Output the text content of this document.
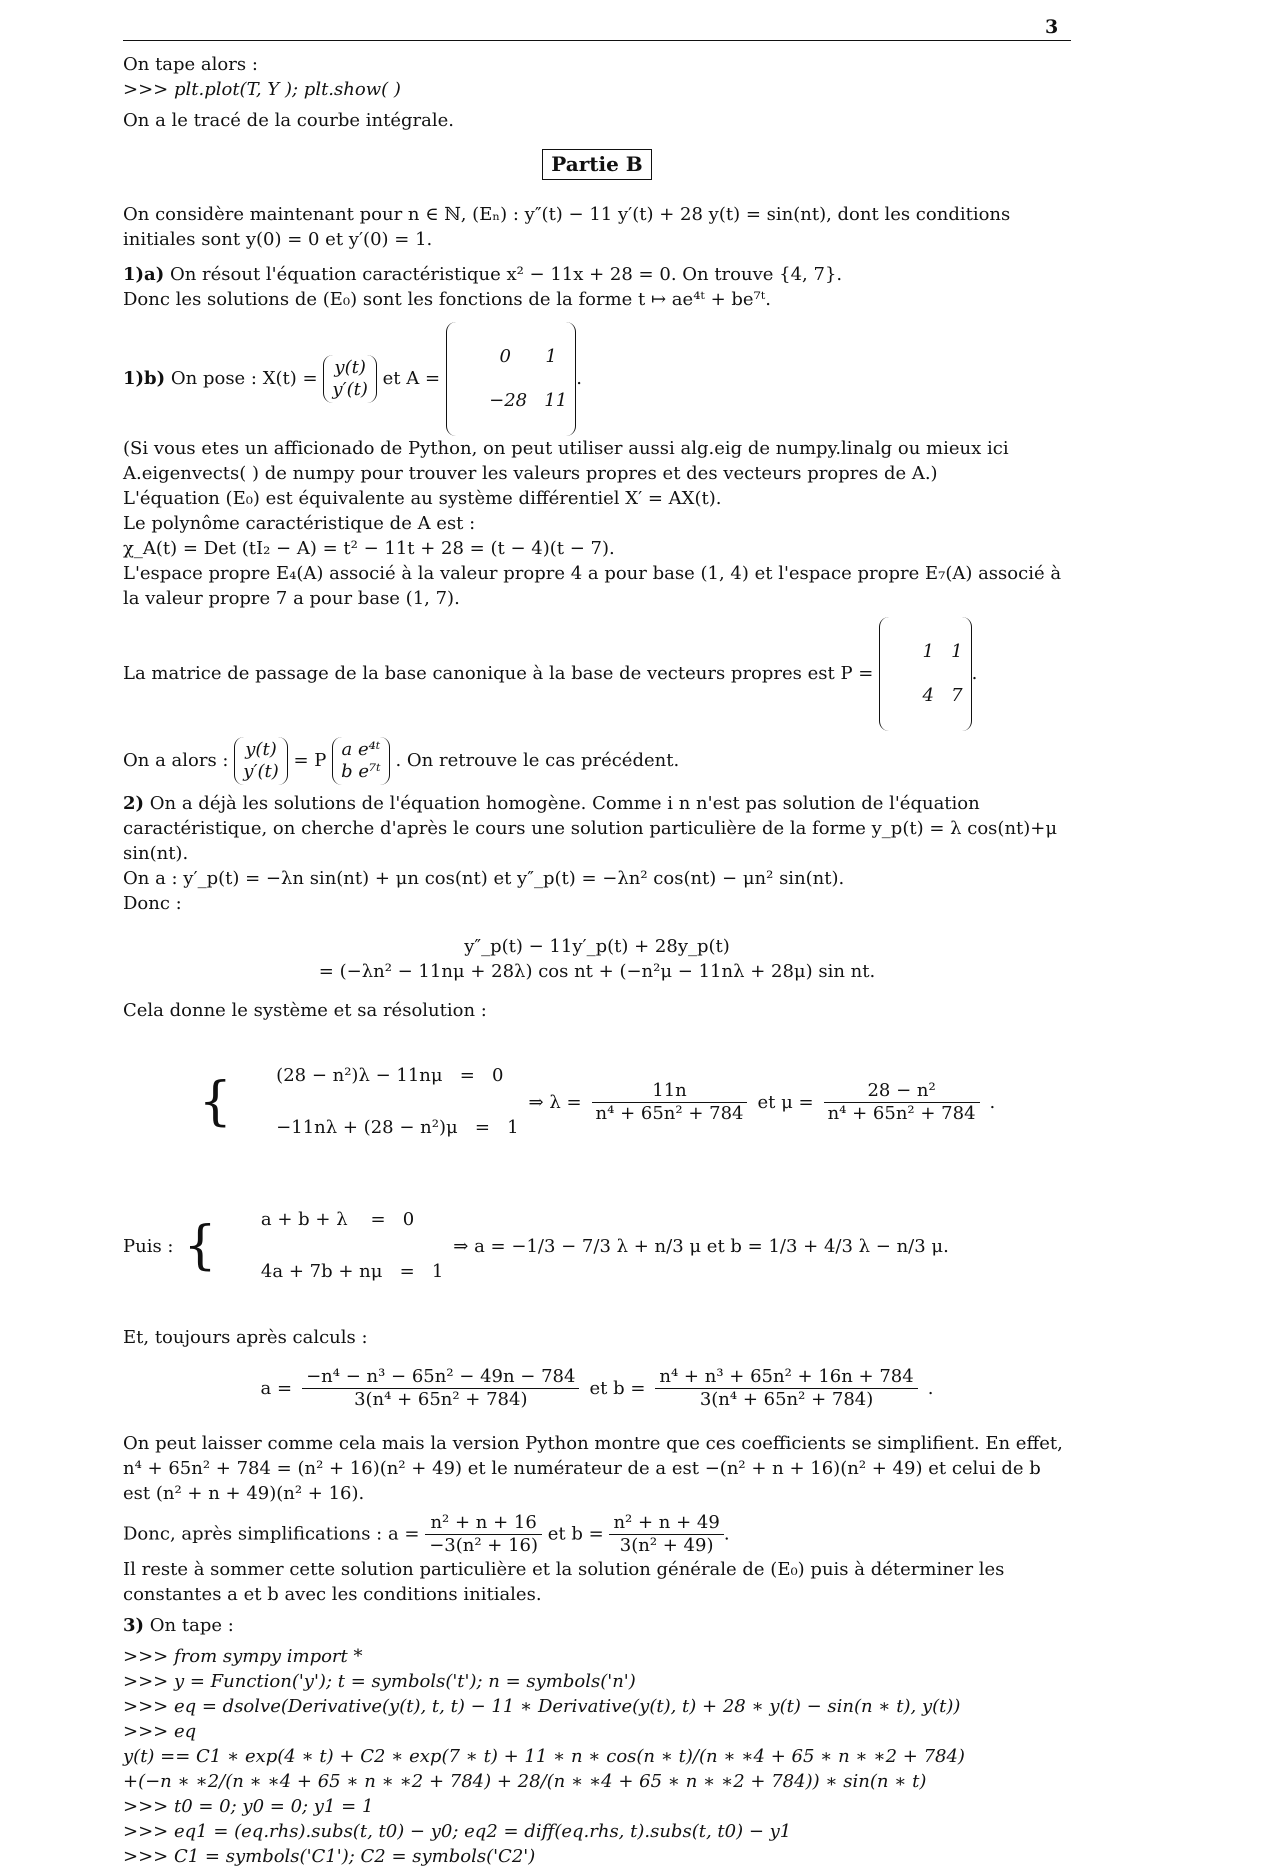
3

On tape alors :

>>> plt.plot(T, Y ); plt.show( )

On a le tracé de la courbe intégrale.

Partie B

On considère maintenant pour n ∈ ℕ, (Eₙ) : y″(t) − 11 y′(t) + 28 y(t) = sin(nt), dont les conditions initiales sont y(0) = 0 et y′(0) = 1.

1)a) On résout l'équation caractéristique x² − 11x + 28 = 0. On trouve {4, 7}.

Donc les solutions de (E₀) sont les fonctions de la forme t ↦ ae⁴ᵗ + be⁷ᵗ.

1)b) On pose : X(t) = y(t)
y′(t) et A =
0      1

−28   11
.

(Si vous etes un afficionado de Python, on peut utiliser aussi alg.eig de numpy.linalg ou mieux ici A.eigenvects( ) de numpy pour trouver les valeurs propres et des vecteurs propres de A.)

L'équation (E₀) est équivalente au système différentiel X′ = AX(t).

Le polynôme caractéristique de A est :

χ_A(t) = Det (tI₂ − A) = t² − 11t + 28 = (t − 4)(t − 7).

L'espace propre E₄(A) associé à la valeur propre 4 a pour base (1, 4) et l'espace propre E₇(A) associé à la valeur propre 7 a pour base (1, 7).

La matrice de passage de la base canonique à la base de vecteurs propres est P =
1   1

4   7
.

On a alors : y(t)
y′(t) = P a e⁴ᵗ
b e⁷ᵗ . On retrouve le cas précédent.

2) On a déjà les solutions de l'équation homogène. Comme i n n'est pas solution de l'équation caractéristique, on cherche d'après le cours une solution particulière de la forme y_p(t) = λ cos(nt)+μ sin(nt).

On a : y′_p(t) = −λn sin(nt) + μn cos(nt) et y″_p(t) = −λn² cos(nt) − μn² sin(nt).

Donc :

y″_p(t) − 11y′_p(t) + 28y_p(t)
= (−λn² − 11nμ + 28λ) cos nt + (−n²μ − 11nλ + 28μ) sin nt.

Cela donne le système et sa résolution :

{	(28 − n²)λ − 11nμ   =   0

−11nλ + (28 − n²)μ   =   1

⇒ $\lambda = \frac{11n}{\text{n⁴ + 65n² + 784}}$ et $\mu = \frac{\text{28 − n²}}{\text{n⁴ + 65n² + 784}}$ .
Puis : {	a + b + λ    =   0

4a + 7b + nμ   =   1

⇒ a = −1/3 − 7/3 λ + n/3 μ et b = 1/3 + 4/3 λ − n/3 μ.

Et, toujours après calculs :

$a = \frac{\text{−n⁴ − n³ − 65n² − 49n − 784}}{\text{3(n⁴ + 65n² + 784)}}$ et $b = \frac{\text{n⁴ + n³ + 65n² + 16n + 784}}{\text{3(n⁴ + 65n² + 784)}}$ .

On peut laisser comme cela mais la version Python montre que ces coefficients se simplifient. En effet, n⁴ + 65n² + 784 = (n² + 16)(n² + 49) et le numérateur de a est −(n² + n + 16)(n² + 49) et celui de b est (n² + n + 49)(n² + 16).

Donc, après simplifications : $a = \frac{\text{n² + n + 16}}{\text{−3(n² + 16)}}$ et $b = \frac{\text{n² + n + 49}}{\text{3(n² + 49)}}$ .

Il reste à sommer cette solution particulière et la solution générale de (E₀) puis à déterminer les constantes a et b avec les conditions initiales.

3) On tape :

>>> from sympy import *

>>> y = Function('y'); t = symbols('t'); n = symbols('n')

>>> eq = dsolve(Derivative(y(t), t, t) − 11 ∗ Derivative(y(t), t) + 28 ∗ y(t) − sin(n ∗ t), y(t))

>>> eq

y(t) == C1 ∗ exp(4 ∗ t) + C2 ∗ exp(7 ∗ t) + 11 ∗ n ∗ cos(n ∗ t)/(n ∗ ∗4 + 65 ∗ n ∗ ∗2 + 784)

+(−n ∗ ∗2/(n ∗ ∗4 + 65 ∗ n ∗ ∗2 + 784) + 28/(n ∗ ∗4 + 65 ∗ n ∗ ∗2 + 784)) ∗ sin(n ∗ t)

>>> t0 = 0; y0 = 0; y1 = 1

>>> eq1 = (eq.rhs).subs(t, t0) − y0; eq2 = diff(eq.rhs, t).subs(t, t0) − y1

>>> C1 = symbols('C1'); C2 = symbols('C2')
